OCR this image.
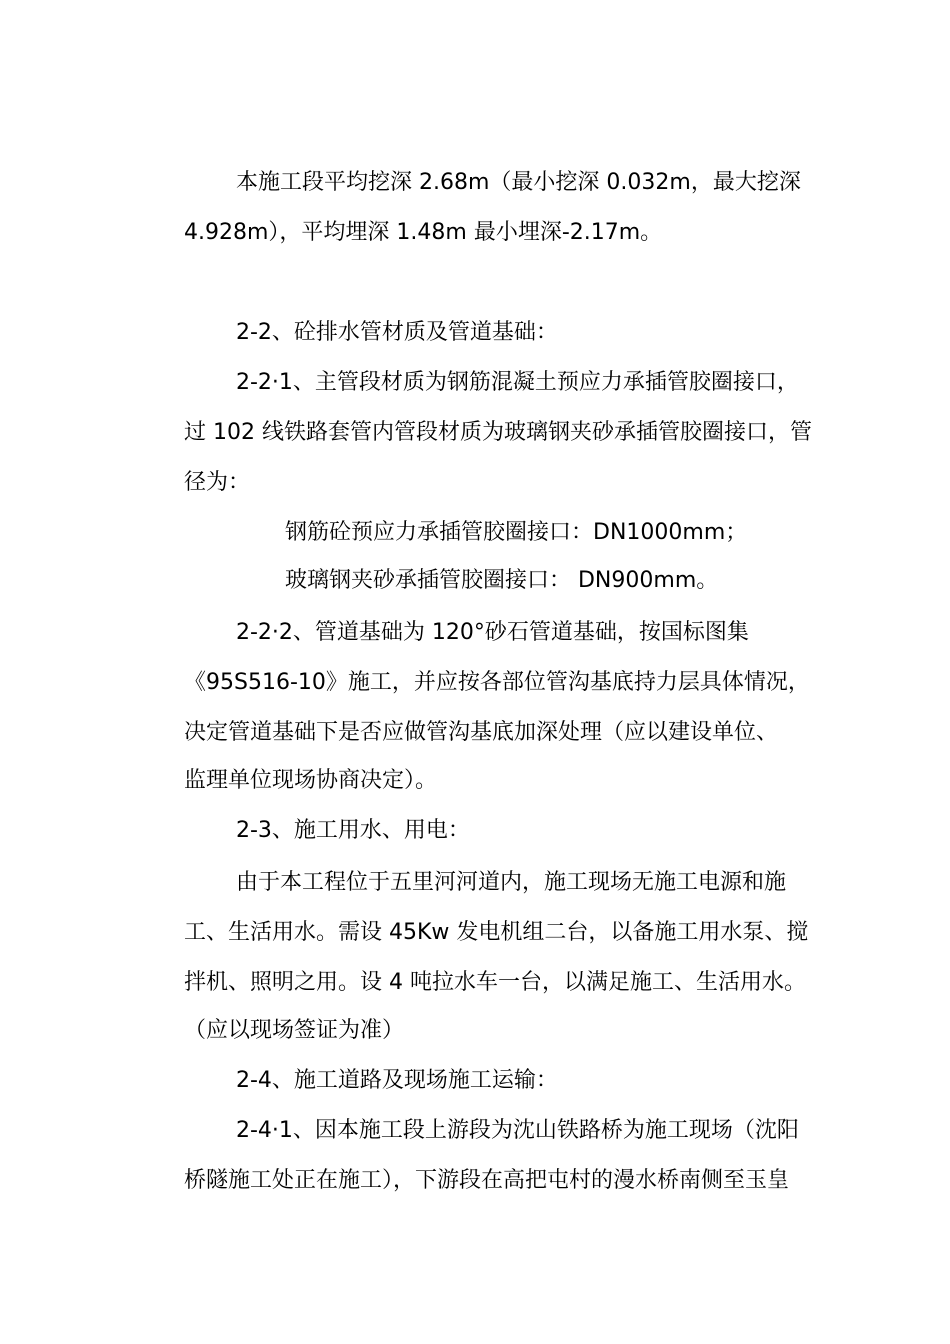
本施工段平均挖深 2.68m（最小挖深 0.032m，最大挖深
4.928m），平均埋深 1.48m 最小埋深-2.17m。
2-2、砼排水管材质及管道基础：
2-2·1、主管段材质为钢筋混凝土预应力承插管胶圈接口，
过 102 线铁路套管内管段材质为玻璃钢夹砂承插管胶圈接口，管
径为：
钢筋砼预应力承插管胶圈接口：DN1000mm；
玻璃钢夹砂承插管胶圈接口： DN900mm。
2-2·2、管道基础为 120°砂石管道基础，按国标图集
《95S516-10》施工，并应按各部位管沟基底持力层具体情况，
决定管道基础下是否应做管沟基底加深处理（应以建设单位、
监理单位现场协商决定）。
2-3、施工用水、用电：
由于本工程位于五里河河道内，施工现场无施工电源和施
工、生活用水。需设 45Kw 发电机组二台，以备施工用水泵、搅
拌机、照明之用。设 4 吨拉水车一台，以满足施工、生活用水。
（应以现场签证为准）
2-4、施工道路及现场施工运输：
2-4·1、因本施工段上游段为沈山铁路桥为施工现场（沈阳
桥隧施工处正在施工），下游段在高把屯村的漫水桥南侧至玉皇
